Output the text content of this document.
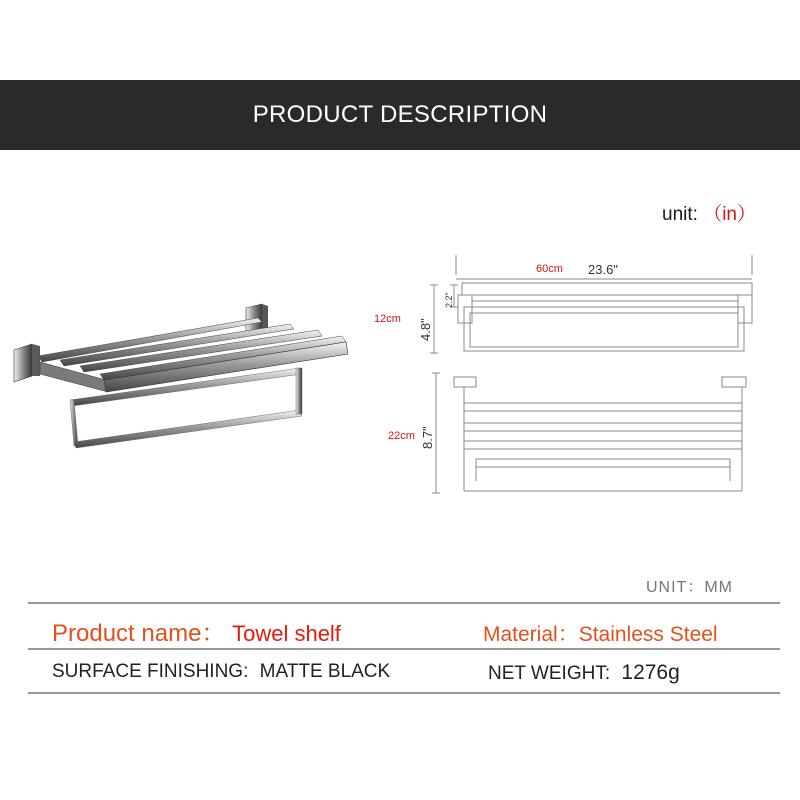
PRODUCT DESCRIPTION
unit: （in）
60cm 23.6"
12cm 4.8"
2.2"
22cm 8.7"
UNIT：MM
Product name： Towel shelf	Material：Stainless Steel
SURFACE FINISHING: MATTE BLACK	NET WEIGHT: 1276g
